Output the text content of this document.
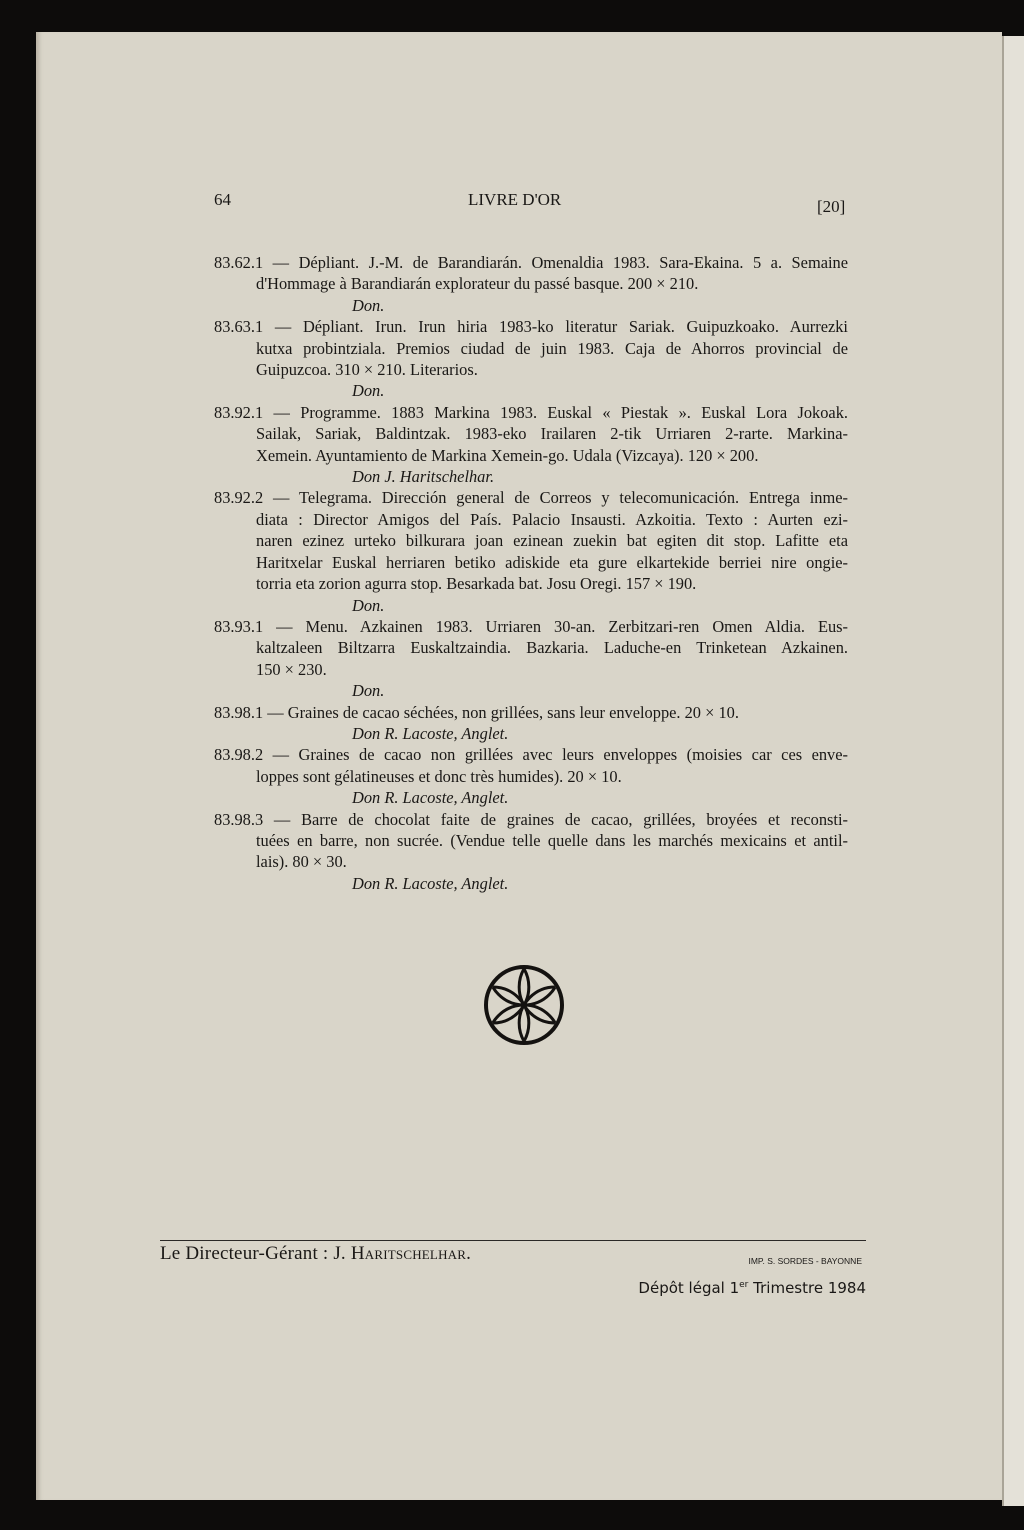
64	LIVRE D'OR	[20]
83.62.1 — Dépliant. J.-M. de Barandiarán. Omenaldia 1983. Sara-Ekaina. 5 a. Semaine
d'Hommage à Barandiarán explorateur du passé basque. 200 × 210.
Don.
83.63.1 — Dépliant. Irun. Irun hiria 1983-ko literatur Sariak. Guipuzkoako. Aurrezki
kutxa probintziala. Premios ciudad de juin 1983. Caja de Ahorros provincial de
Guipuzcoa. 310 × 210. Literarios.
Don.
83.92.1 — Programme. 1883 Markina 1983. Euskal « Piestak ». Euskal Lora Jokoak.
Sailak, Sariak, Baldintzak. 1983-eko Irailaren 2-tik Urriaren 2-rarte. Markina-
Xemein. Ayuntamiento de Markina Xemein-go. Udala (Vizcaya). 120 × 200.
Don J. Haritschelhar.
83.92.2 — Telegrama. Dirección general de Correos y telecomunicación. Entrega inme-
diata : Director Amigos del País. Palacio Insausti. Azkoitia. Texto : Aurten ezi-
naren ezinez urteko bilkurara joan ezinean zuekin bat egiten dit stop. Lafitte eta
Haritxelar Euskal herriaren betiko adiskide eta gure elkartekide berriei nire ongie-
torria eta zorion agurra stop. Besarkada bat. Josu Oregi. 157 × 190.
Don.
83.93.1 — Menu. Azkainen 1983. Urriaren 30-an. Zerbitzari-ren Omen Aldia. Eus-
kaltzaleen Biltzarra Euskaltzaindia. Bazkaria. Laduche-en Trinketean Azkainen.
150 × 230.
Don.
83.98.1 — Graines de cacao séchées, non grillées, sans leur enveloppe. 20 × 10.
Don R. Lacoste, Anglet.
83.98.2 — Graines de cacao non grillées avec leurs enveloppes (moisies car ces enve-
loppes sont gélatineuses et donc très humides). 20 × 10.
Don R. Lacoste, Anglet.
83.98.3 — Barre de chocolat faite de graines de cacao, grillées, broyées et reconsti-
tuées en barre, non sucrée. (Vendue telle quelle dans les marchés mexicains et antil-
lais). 80 × 30.
Don R. Lacoste, Anglet.
Le Directeur-Gérant : J. Haritschelhar.	IMP. S. SORDES - BAYONNE
Dépôt légal 1er Trimestre 1984
